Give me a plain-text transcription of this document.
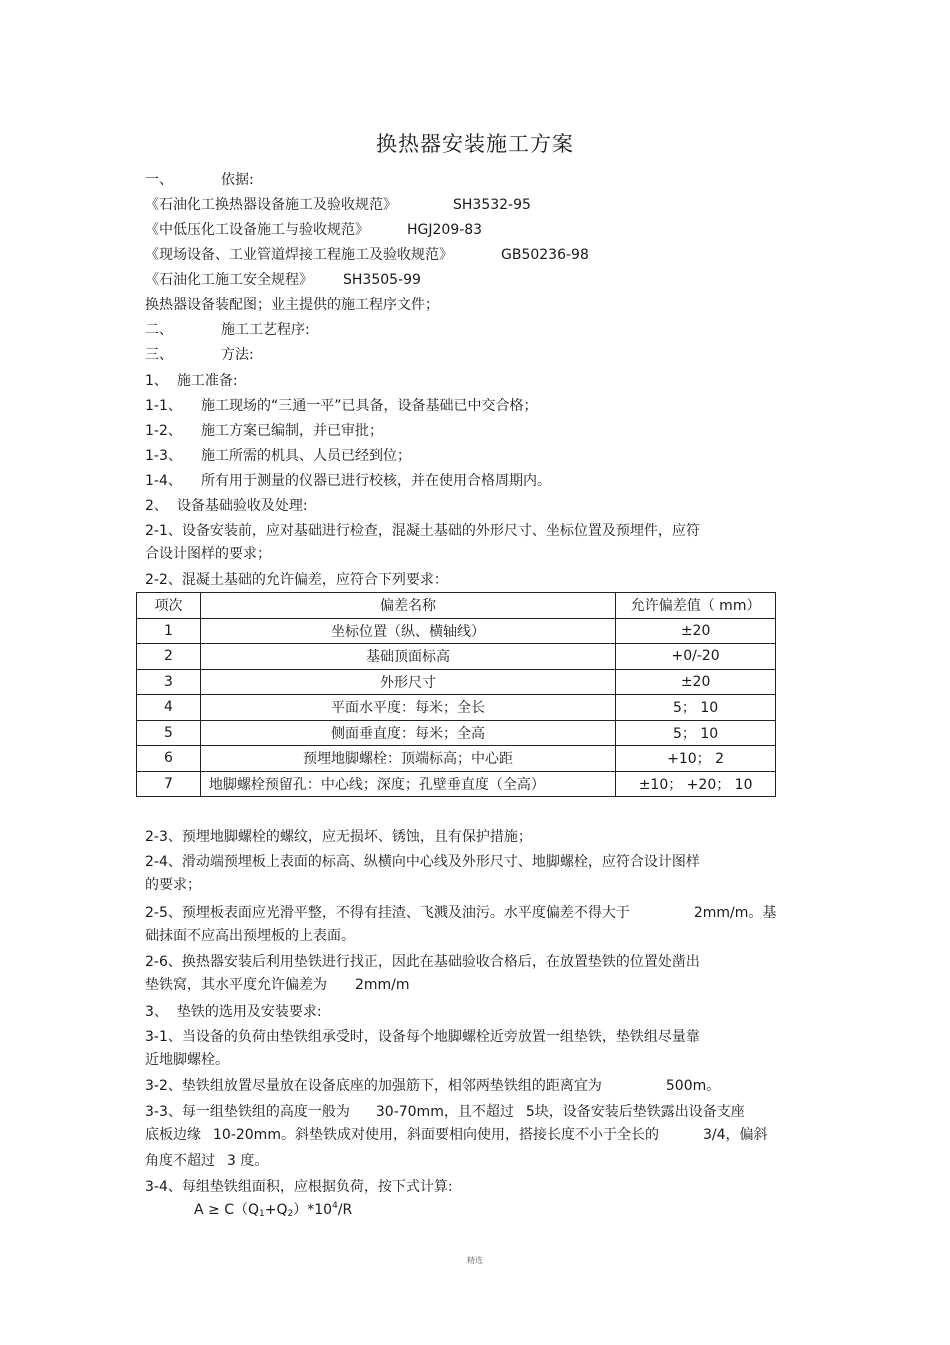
换热器安装施工方案
一、	依据:
《石油化工换热器设备施工及验收规范》	SH3532-95
《中低压化工设备施工与验收规范》	HGJ209-83
《现场设备、工业管道焊接工程施工及验收规范》	GB50236-98
《石油化工施工安全规程》 SH3505-99
换热器设备装配图；业主提供的施工程序文件；
二、	施工工艺程序:
三、	方法:
1、 施工准备:
1-1、 施工现场的“三通一平”已具备，设备基础已中交合格；
1-2、 施工方案已编制，并已审批；
1-3、 施工所需的机具、人员已经到位；
1-4、 所有用于测量的仪器已进行校核，并在使用合格周期内。
2、 设备基础验收及处理:
2-1、设备安装前，应对基础进行检查，混凝土基础的外形尺寸、坐标位置及预埋件，应符
合设计图样的要求；
2-2、混凝土基础的允许偏差，应符合下列要求：
项次	偏差名称	允许偏差值（ mm）
1	坐标位置（纵、横轴线）	±20
2	基础顶面标高	+0/-20
3	外形尺寸	±20
4	平面水平度：每米；全长	5； 10
5	侧面垂直度：每米；全高	5； 10
6	预埋地脚螺栓：顶端标高；中心距	+10； 2
7	地脚螺栓预留孔：中心线；深度；孔壁垂直度（全高）	±10； +20； 10
2-3、预埋地脚螺栓的螺纹，应无损坏、锈蚀，且有保护措施；
2-4、滑动端预埋板上表面的标高、纵横向中心线及外形尺寸、地脚螺栓，应符合设计图样
的要求；
2-5、预埋板表面应光滑平整，不得有挂渣、飞溅及油污。水平度偏差不得大于	2mm/m。基
础抹面不应高出预埋板的上表面。
2-6、换热器安装后利用垫铁进行找正，因此在基础验收合格后，在放置垫铁的位置处凿出
垫铁窝，其水平度允许偏差为 2mm/m
3、 垫铁的选用及安装要求:
3-1、当设备的负荷由垫铁组承受时，设备每个地脚螺栓近旁放置一组垫铁，垫铁组尽量靠
近地脚螺栓。
3-2、垫铁组放置尽量放在设备底座的加强筋下，相邻两垫铁组的距离宜为	500m。
3-3、每一组垫铁组的高度一般为 30-70mm，且不超过 5块，设备安装后垫铁露出设备支座
底板边缘 10-20mm。斜垫铁成对使用，斜面要相向使用，搭接长度不小于全长的	3/4，偏斜
角度不超过 3 度。
3-4、每组垫铁组面积，应根据负荷，按下式计算:
$A \ge C(Q_1+Q_2)*10^4/R$
精选
